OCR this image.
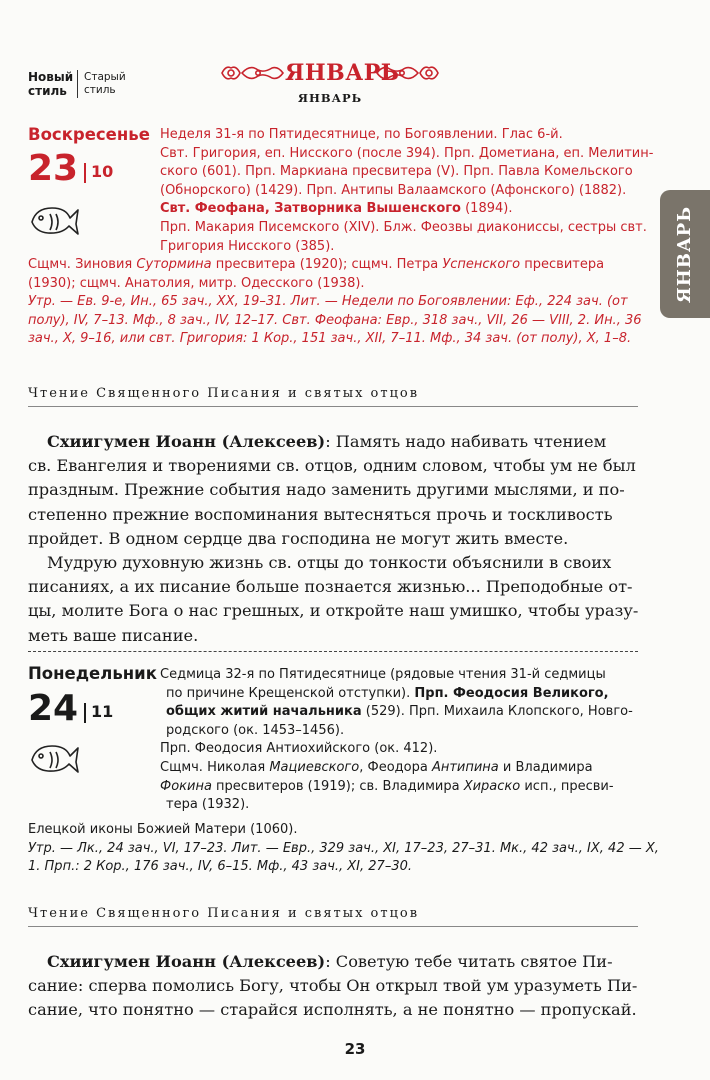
Новый
стиль
Старый
стиль
ЯНВАРЬ
ЯНВАРЬ
ЯНВАРЬ
Воскресенье
23 10
Неделя 31-я по Пятидесятнице, по Богоявлении. Глас 6-й.
Свт. Григория, еп. Нисского (после 394). Прп. Дометиана, еп. Мелитин-
ского (601). Прп. Маркиана пресвитера (V). Прп. Павла Комельского
(Обнорского) (1429). Прп. Антипы Валаамского (Афонского) (1882).
Свт. Феофана, Затворника Вышенского (1894).
Прп. Макария Писемского (XIV). Блж. Феозвы диакониссы, сестры свт.
Григория Нисского (385).
Сщмч. Зиновия Сутормина пресвитера (1920); сщмч. Петра Успенского пресвитера
(1930); сщмч. Анатолия, митр. Одесского (1938).
Утр. — Ев. 9-е, Ин., 65 зач., XX, 19–31. Лит. — Недели по Богоявлении: Еф., 224 зач. (от
полу), IV, 7–13. Мф., 8 зач., IV, 12–17. Свт. Феофана: Евр., 318 зач., VII, 26 — VIII, 2. Ин., 36
зач., X, 9–16, или свт. Григория: 1 Кор., 151 зач., XII, 7–11. Мф., 34 зач. (от полу), X, 1–8.
Чтение Священного Писания и святых отцов
Схиигумен Иоанн (Алексеев): Память надо набивать чтением
св. Евангелия и творениями св. отцов, одним словом, чтобы ум не был
праздным. Прежние события надо заменить другими мыслями, и по-
степенно прежние воспоминания вытесняться прочь и тоскливость
пройдет. В одном сердце два господина не могут жить вместе.
Мудрую духовную жизнь св. отцы до тонкости объяснили в своих
писаниях, а их писание больше познается жизнью... Преподобные от-
цы, молите Бога о нас грешных, и откройте наш умишко, чтобы уразу-
меть ваше писание.
Понедельник
24 11
Седмица 32-я по Пятидесятнице (рядовые чтения 31-й седмицы
по причине Крещенской отступки). Прп. Феодосия Великого,
общих житий начальника (529). Прп. Михаила Клопского, Новго-
родского (ок. 1453–1456).
Прп. Феодосия Антиохийского (ок. 412).
Сщмч. Николая Мациевского, Феодора Антипина и Владимира
Фокина пресвитеров (1919); св. Владимира Хираско исп., пресви-
тера (1932).
Елецкой иконы Божией Матери (1060).
Утр. — Лк., 24 зач., VI, 17–23. Лит. — Евр., 329 зач., XI, 17–23, 27–31. Мк., 42 зач., IX, 42 — X,
1. Прп.: 2 Кор., 176 зач., IV, 6–15. Мф., 43 зач., XI, 27–30.
Чтение Священного Писания и святых отцов
Схиигумен Иоанн (Алексеев): Советую тебе читать святое Пи-
сание: сперва помолись Богу, чтобы Он открыл твой ум уразуметь Пи-
сание, что понятно — старайся исполнять, а не понятно — пропускай.
23
